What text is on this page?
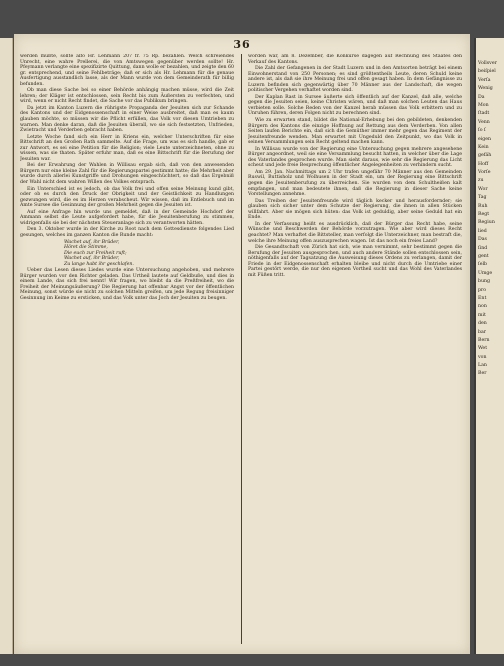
36

werden mußte, sollte alfo Hr. Lehmann 207 fr. 75 Rp. bezahlen. Welch schreiendes Unrecht, eine wahre Prellerei, die von Amtswegen gegenüber werden sollte! Hr. Pfeymann verlangte eine spezifizirte Quittung, dann wolle er bezahlen, und zeigte den 60 gr. entsprechend, und seine Fehlbeträge; daß er sich als Hr. Lehmann für die genaue Ausfertigung ausstandlich lasse, als der Mann wurde von dem Gemeinderath für billig befunden.

Ob man diese Sache bei so einer Behörde anhängig machen müsse, wird die Zeit lehren; der Kläger ist entschlossen, sein Recht bis zum Äußersten zu verfechten, und wird, wenn er nicht Recht findet, die Sache vor das Publikum bringen.

Da jetzt im Kanton Luzern die rührigste Propaganda der Jesuiten sich zur Schande des Kantons und der Eidgenossenschaft in einer Weise ausbreitet, daß man es kaum glauben möchte, so müssen wir die Pflicht erfüllen, das Volk vor diesen Umtrieben zu warnen. Man denke daran, daß die Jesuiten überall, wo sie sich festsetzten, Unfrieden, Zwietracht und Verderben gebracht haben.

Letzte Woche fand sich ein Herr in Kriens ein, welcher Unterschriften für eine Bittschrift an den Großen Rath sammelte. Auf die Frage, um was es sich handle, gab er zur Antwort, es sei eine Petition für die Religion; viele Leute unterzeichneten, ohne zu wissen, was sie thaten. Später erfuhr man, daß es eine Bittschrift für die Berufung der Jesuiten war.

Bei der Erwahrung der Wahlen in Willisau ergab sich, daß von den anwesenden Bürgern nur eine kleine Zahl für die Regierungspartei gestimmt hatte; die Mehrheit aber wurde durch allerlei Kunstgriffe und Drohungen eingeschüchtert, so daß das Ergebniß der Wahl nicht dem wahren Willen des Volkes entsprach.

Ein Unterschied ist es jedoch, ob das Volk frei und offen seine Meinung kund gibt, oder ob es durch den Druck der Obrigkeit und der Geistlichkeit zu Handlungen gezwungen wird, die es im Herzen verabscheut. Wir wissen, daß im Entlebuch und im Amte Sursee die Gesinnung der großen Mehrheit gegen die Jesuiten ist.

Auf eine Anfrage hin wurde uns gemeldet, daß in der Gemeinde Hochdorf der Ammann selbst die Leute aufgefordert habe, für die Jesuitenberufung zu stimmen, widrigenfalls sie bei der nächsten Steueranlage sich zu verantworten hätten.

Den 3. Oktober wurde in der Kirche zu Root nach dem Gottesdienste folgendes Lied gesungen, welches im ganzen Kanton die Runde macht:

Wachet auf, ihr Brüder,
Höret die Stimme,
Die euch zur Freiheit ruft;
Wachet auf, ihr Brüder,
Zu lange habt ihr geschlafen.

Ueber das Lesen dieses Liedes wurde eine Untersuchung angehoben, und mehrere Bürger wurden vor den Richter geladen. Das Urtheil lautete auf Geldbuße, und dies in einem Lande, das sich frei nennt! Wir fragen, wo bleibt da die Preßfreiheit, wo die Freiheit der Meinungsäußerung? Die Regierung hat offenbar Angst vor der öffentlichen Meinung, sonst würde sie nicht zu solchen Mitteln greifen, um jede Regung freisinniger Gesinnung im Keime zu ersticken, und das Volk unter das Joch der Jesuiten zu beugen.

worden war, am 8. Dezember, die Konkurse dagegen auf Rechnung des Staates den Verkauf des Kantons.

Die Zahl der Gefangenen in der Stadt Luzern und in den Amtsorten beträgt bei einem Einwohnerstand von 250 Personen; es sind größtentheils Leute, deren Schuld keine andere ist, als daß sie ihre Meinung frei und offen gesagt haben. In dem Gefängnisse zu Luzern befinden sich gegenwärtig über 70 Männer aus der Landschaft, die wegen politischer Vergehen verhaftet worden sind.

Der Kaplan Rast in Sursee äußerte sich öffentlich auf der Kanzel, daß alle, welche gegen die Jesuiten seien, keine Christen wären, und daß man solchen Leuten das Haus verbieten solle. Solche Reden von der Kanzel herab müssen das Volk erbittern und zu Unruhen führen, deren Folgen nicht zu berechnen sind.

Wie zu erwarten stand, bildet die National-Erhebung bei den gebildeten, denkenden Bürgern des Kantons die einzige Hoffnung auf Rettung aus dem Verderben. Von allen Seiten laufen Berichte ein, daß sich die Gemüther immer mehr gegen das Regiment der Jesuitenfreunde wenden. Man erwartet mit Ungeduld den Zeitpunkt, wo das Volk in seinen Versammlungen sein Recht geltend machen kann.

In Willisau wurde von der Regierung eine Untersuchung gegen mehrere angesehene Bürger angeordnet, weil sie eine Versammlung besucht hatten, in welcher über die Lage des Vaterlandes gesprochen wurde. Man sieht daraus, wie sehr die Regierung das Licht scheut und jede freie Besprechung öffentlicher Angelegenheiten zu verhindern sucht.

Am 29. Jan. Nachmittags um 2 Uhr trafen ungefähr 70 Männer aus den Gemeinden Ruswil, Buttisholz und Wolhusen in der Stadt ein, um der Regierung eine Bittschrift gegen die Jesuitenberufung zu überreichen. Sie wurden von dem Schultheißen kalt empfangen, und man bedeutete ihnen, daß die Regierung in dieser Sache keine Vorstellungen annehme.

Das Treiben der Jesuitenfreunde wird täglich kecker und herausfordernder; sie glauben sich sicher unter dem Schutze der Regierung, die ihnen in allen Stücken willfahrt. Aber sie mögen sich hüten: das Volk ist geduldig, aber seine Geduld hat ein Ende.

In der Verfassung heißt es ausdrücklich, daß der Bürger das Recht habe, seine Wünsche und Beschwerden der Behörde vorzutragen. Wie aber wird dieses Recht geachtet? Man verhaftet die Bittsteller, man verfolgt die Unterzeichner, man bestraft die, welche ihre Meinung offen auszusprechen wagen. Ist das noch ein freies Land?

Die Gesandtschaft von Zürich hat sich, wie man vernimmt, sehr bestimmt gegen die Berufung der Jesuiten ausgesprochen, und auch andere Stände sollen entschlossen sein, nöthigenfalls auf der Tagsatzung die Ausweisung dieses Ordens zu verlangen, damit der Friede in der Eidgenossenschaft erhalten bleibe und nicht durch die Umtriebe einer Partei gestört werde, die nur den eigenen Vortheil sucht und das Wohl des Vaterlandes mit Füßen tritt.

Vollsver
beiſpiel
Verſa
Wenig
Da
Mon
ſtadt
Venn
ſo ſ
eigen
Kein
gefäh
Hoff
Vorſe
zu
Wor
Tag
Ruh
Regt
Regiun
lied
Das
ſind
gent
ſelb
Umge
bung
pro
Ent
non
mit
den
bar
Bern
Wet
von
Lan
Ber
